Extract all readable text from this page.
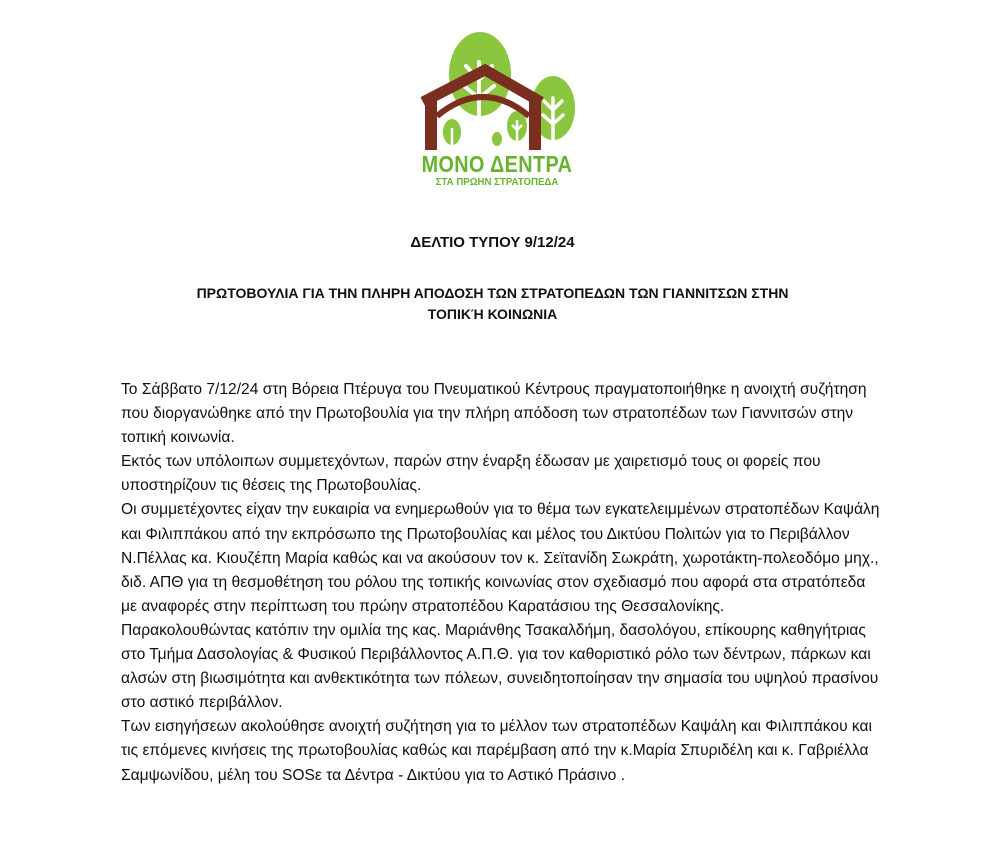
ΜΟΝΟ ΔΕΝΤΡΑ
ΣΤΑ ΠΡΩΗΝ ΣΤΡΑΤΟΠΕΔΑ
ΔΕΛΤΙΟ ΤΥΠΟΥ 9/12/24
ΠΡΩΤΟΒΟΥΛΙΑ ΓΙΑ ΤΗΝ ΠΛΗΡΗ ΑΠΟΔΟΣΗ ΤΩΝ ΣΤΡΑΤΟΠΕΔΩΝ ΤΩΝ ΓΙΑΝΝΙΤΣΩΝ ΣΤΗΝ
ΤΟΠΙΚΉ ΚΟΙΝΩΝΙΑ

Το Σάββατο 7/12/24 στη Βόρεια Πτέρυγα του Πνευματικού Κέντρους πραγματοποιήθηκε η ανοιχτή συζήτηση που διοργανώθηκε από την Πρωτοβουλία για την πλήρη απόδοση των στρατοπέδων των Γιαννιτσών στην τοπική κοινωνία.

Εκτός των υπόλοιπων συμμετεχόντων, παρών στην έναρξη έδωσαν με χαιρετισμό τους οι φορείς που υποστηρίζουν τις θέσεις της Πρωτοβουλίας.

Οι συμμετέχοντες είχαν την ευκαιρία να ενημερωθούν για το θέμα των εγκατελειμμένων στρατοπέδων Καψάλη και Φιλιππάκου από την εκπρόσωπο της Πρωτοβουλίας και μέλος του Δικτύου Πολιτών για το Περιβάλλον Ν.Πέλλας κα. Κιουζέπη Μαρία καθώς και να ακούσουν τον κ. Σεϊτανίδη Σωκράτη, χωροτάκτη-πολεοδόμο μηχ., διδ. ΑΠΘ για τη θεσμοθέτηση του ρόλου της τοπικής κοινωνίας στον σχεδιασμό που αφορά στα στρατόπεδα με αναφορές στην περίπτωση του πρώην στρατοπέδου Καρατάσιου της Θεσσαλονίκης.

Παρακολουθώντας κατόπιν την ομιλία της κας. Μαριάνθης Τσακαλδήμη, δασολόγου, επίκουρης καθηγήτριας στο Τμήμα Δασολογίας & Φυσικού Περιβάλλοντος Α.Π.Θ. για τον καθοριστικό ρόλο των δέντρων, πάρκων και αλσών στη βιωσιμότητα και ανθεκτικότητα των πόλεων, συνειδητοποίησαν την σημασία του υψηλού πρασίνου στο αστικό περιβάλλον.

Των εισηγήσεων ακολούθησε ανοιχτή συζήτηση για το μέλλον των στρατοπέδων Καψάλη και Φιλιππάκου και τις επόμενες κινήσεις της πρωτοβουλίας καθώς και παρέμβαση από την κ.Μαρία Σπυριδέλη και κ. Γαβριέλλα Σαμψωνίδου, μέλη του SOSε τα Δέντρα - Δικτύου για το Αστικό Πράσινο .
